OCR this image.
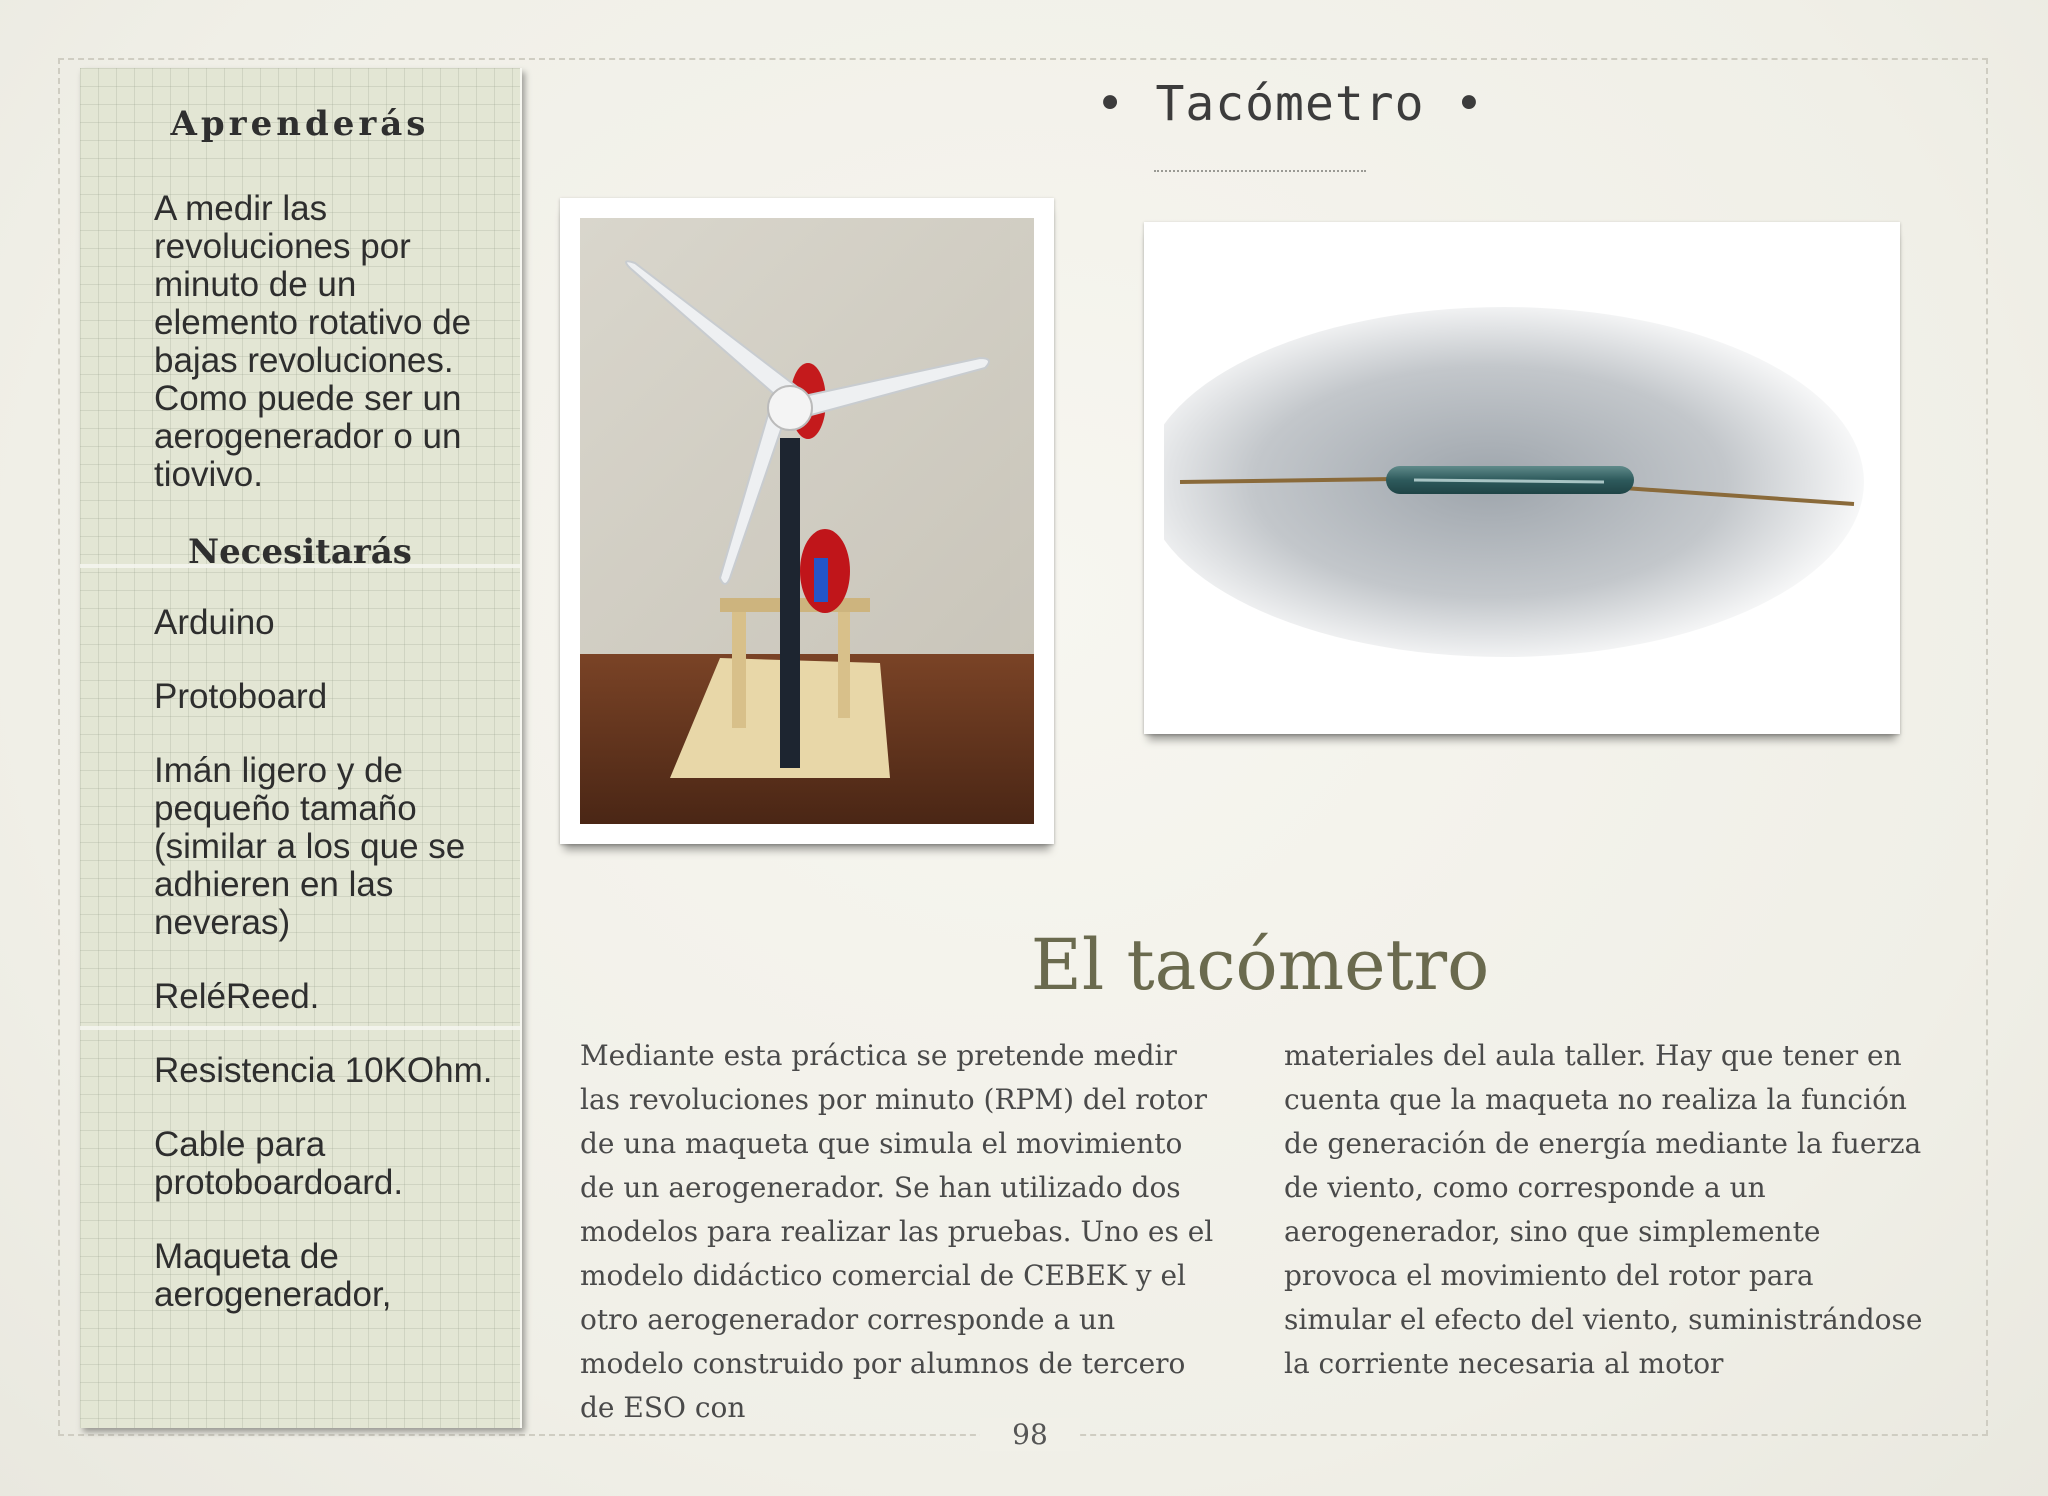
Aprenderás
A medir las revoluciones por minuto de un elemento rotativo de bajas revoluciones. Como puede ser un aerogenerador o un tiovivo.
Necesitarás
Arduino
Protoboard
Imán ligero y de pequeño tamaño (similar a los que se adhieren en las neveras)
ReléReed.
Resistencia 10KOhm.
Cable para protoboardoard.
Maqueta de aerogenerador,
• Tacómetro •
El tacómetro
Mediante esta práctica se pretende medir las revoluciones por minuto (RPM) del rotor de una maqueta que simula el movimiento de un aerogenerador. Se han utilizado dos modelos para realizar las pruebas. Uno es el modelo didáctico comercial de CEBEK y el otro aerogenerador corresponde a un modelo construido por alumnos de tercero de ESO con
materiales del aula taller. Hay que tener en cuenta que la maqueta no realiza la función de generación de energía mediante la fuerza de viento, como corresponde a un aerogenerador, sino que simplemente provoca el movimiento del rotor para simular el efecto del viento, suministrándose la corriente necesaria al motor
98
